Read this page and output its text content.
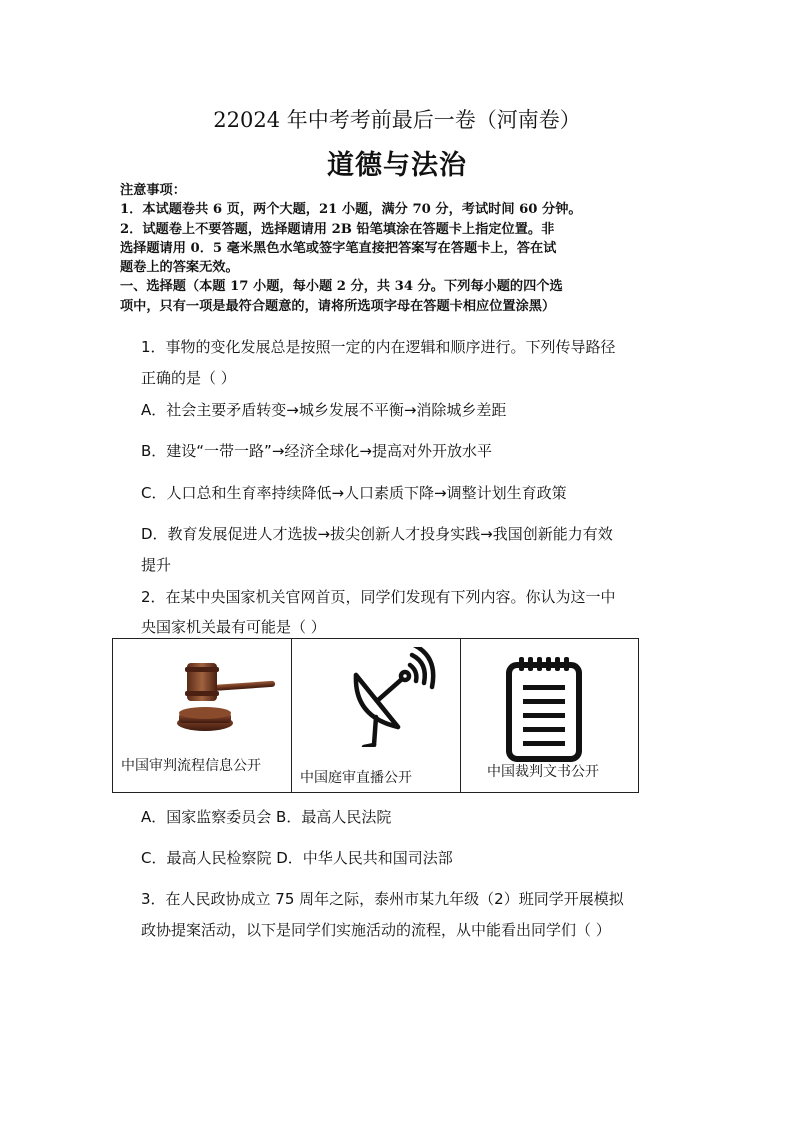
22024 年中考考前最后一卷（河南卷）
道德与法治
注意事项：
1．本试题卷共 6 页，两个大题，21 小题，满分 70 分，考试时间 60 分钟。
2．试题卷上不要答题，选择题请用 2B 铅笔填涂在答题卡上指定位置。非
选择题请用 0．5 毫米黑色水笔或签字笔直接把答案写在答题卡上，答在试
题卷上的答案无效。
一、选择题（本题 17 小题，每小题 2 分，共 34 分。下列每小题的四个选
项中，只有一项是最符合题意的，请将所选项字母在答题卡相应位置涂黑）
1．事物的变化发展总是按照一定的内在逻辑和顺序进行。下列传导路径
正确的是（ ）
A．社会主要矛盾转变→城乡发展不平衡→消除城乡差距
B．建设“一带一路”→经济全球化→提高对外开放水平
C．人口总和生育率持续降低→人口素质下降→调整计划生育政策
D．教育发展促进人才选拔→拔尖创新人才投身实践→我国创新能力有效
提升
2．在某中央国家机关官网首页，同学们发现有下列内容。你认为这一中
央国家机关最有可能是（ ）
中国审判流程信息公开
中国庭审直播公开	中国裁判文书公开
A．国家监察委员会 B．最高人民法院
C．最高人民检察院 D．中华人民共和国司法部
3．在人民政协成立 75 周年之际，泰州市某九年级（2）班同学开展模拟
政协提案活动，以下是同学们实施活动的流程，从中能看出同学们（ ）
